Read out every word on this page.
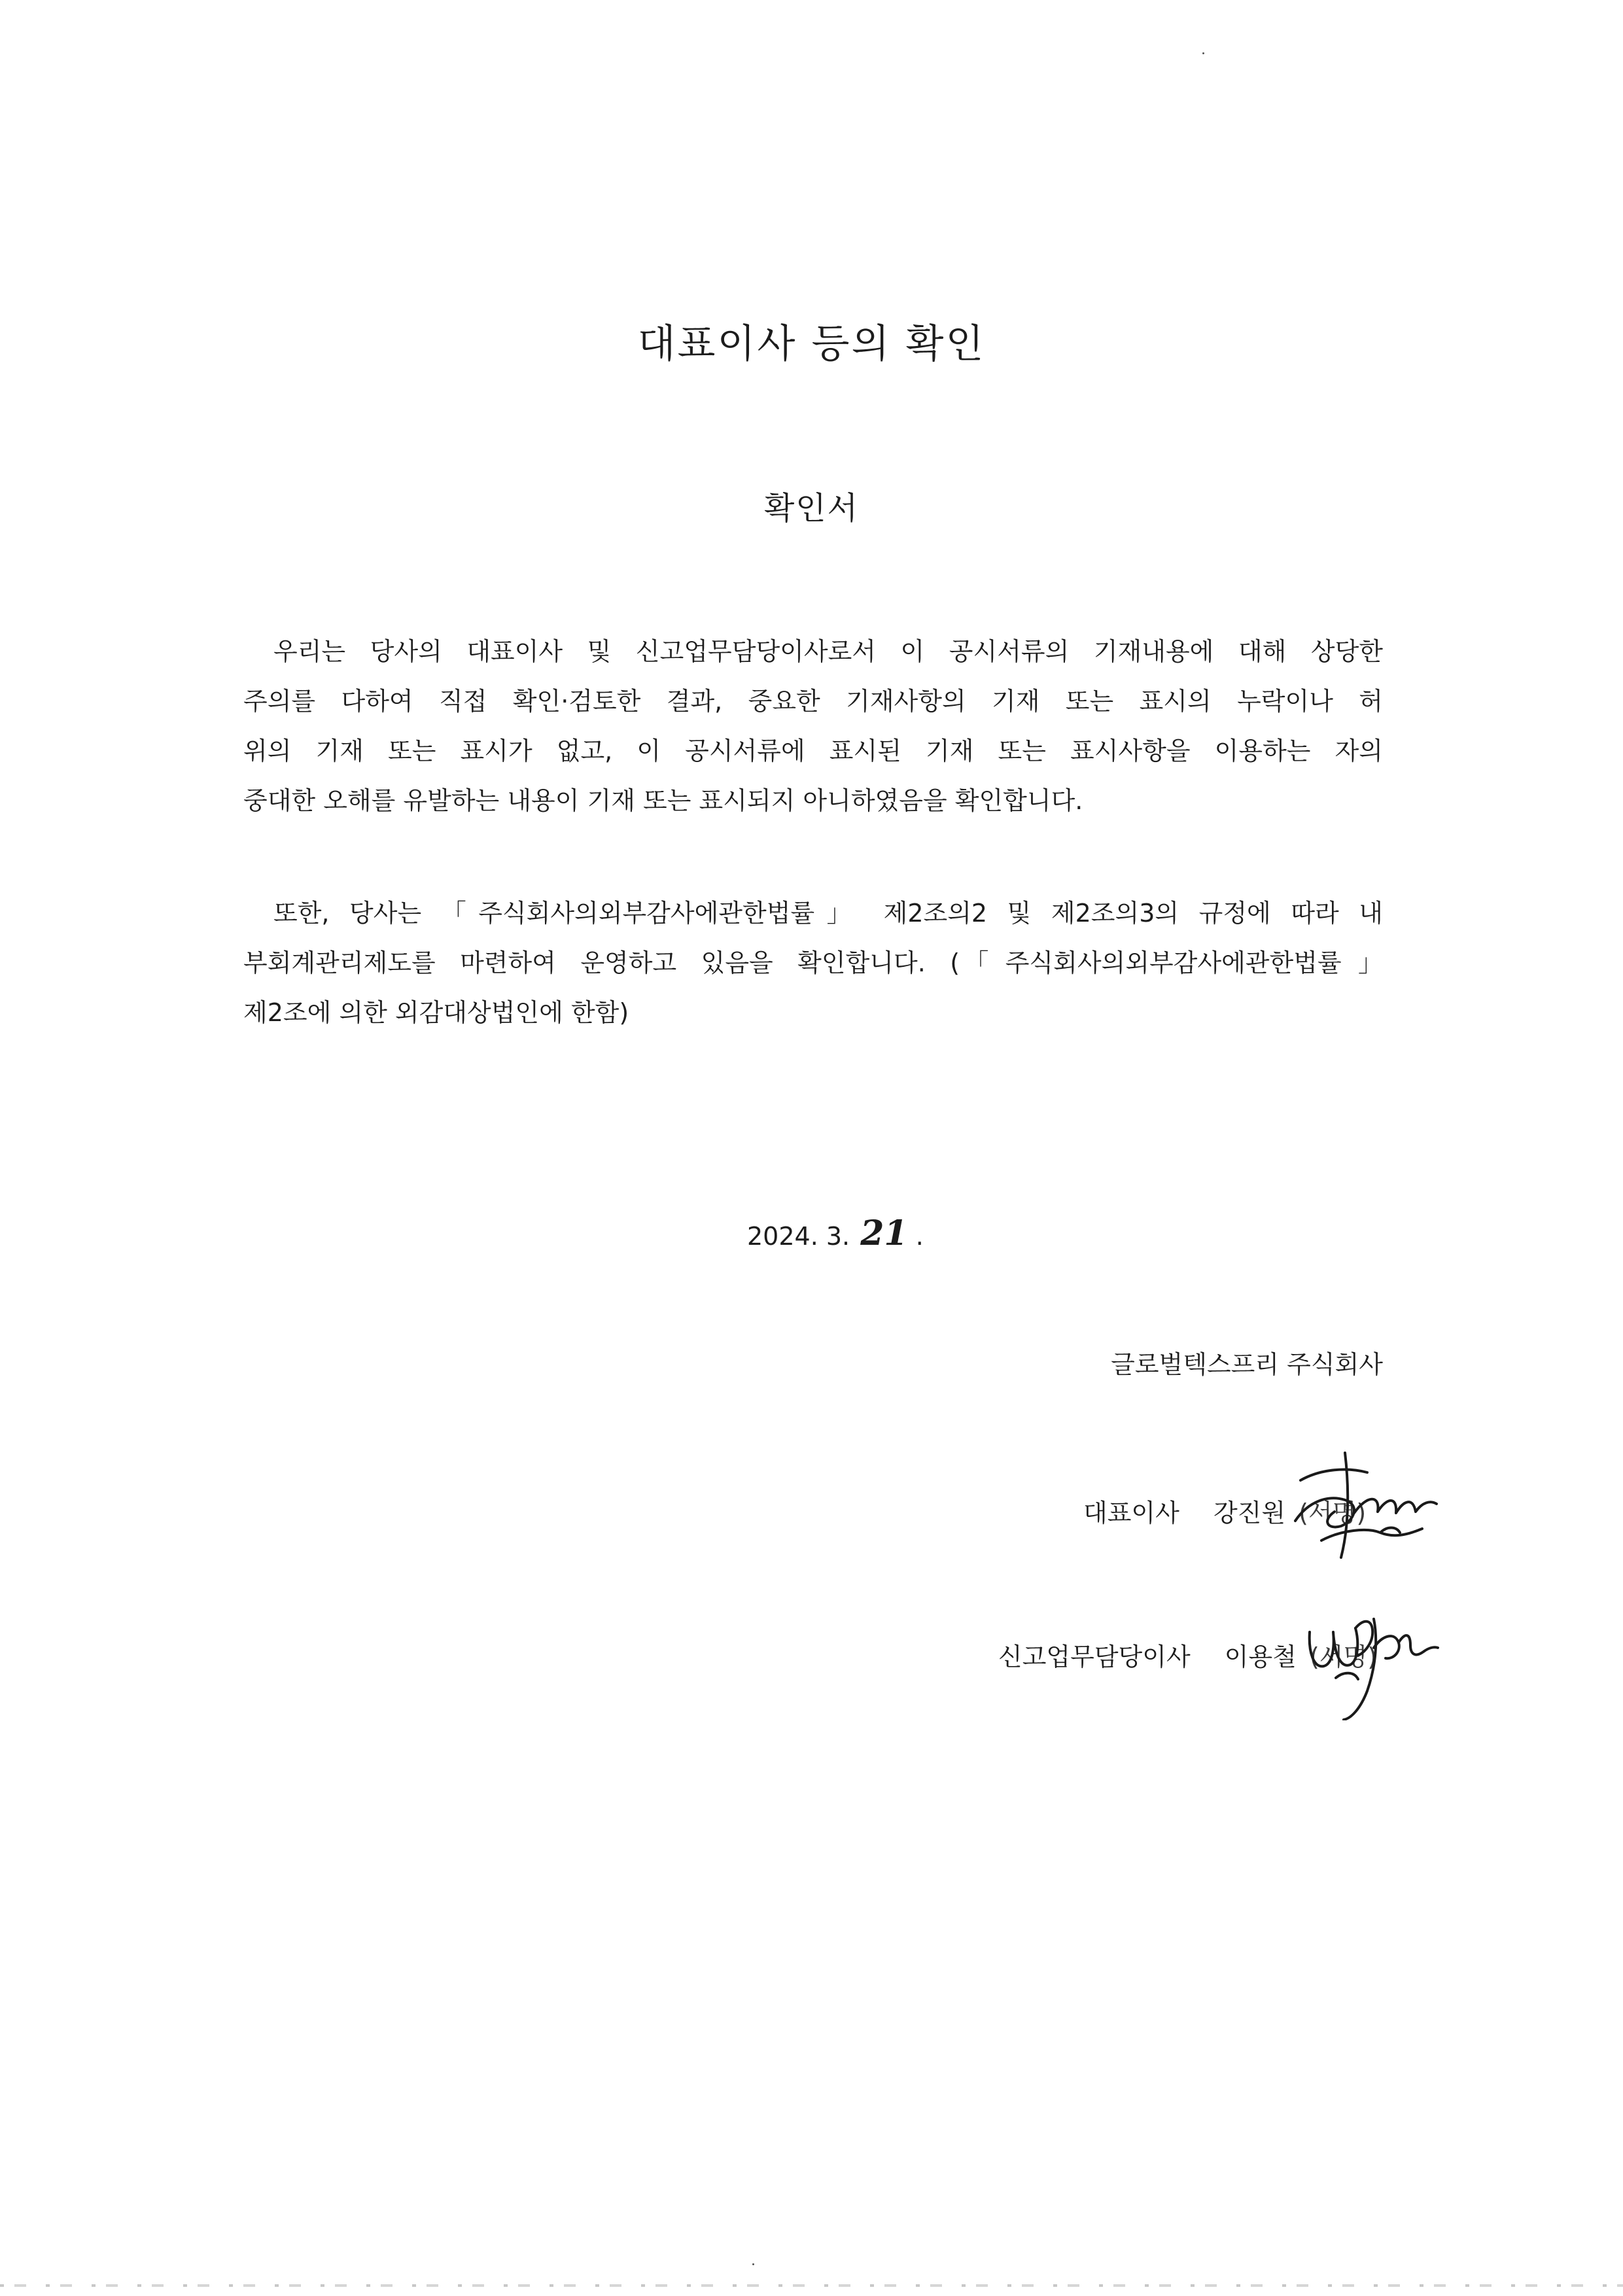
대표이사 등의 확인
확인서
우리는 당사의 대표이사 및 신고업무담당이사로서 이 공시서류의 기재내용에 대해 상당한
주의를 다하여 직접 확인·검토한 결과, 중요한 기재사항의 기재 또는 표시의 누락이나 허
위의 기재 또는 표시가 없고, 이 공시서류에 표시된 기재 또는 표시사항을 이용하는 자의
중대한 오해를 유발하는 내용이 기재 또는 표시되지 아니하였음을 확인합니다.
또한, 당사는 「주식회사의외부감사에관한법률」 제2조의2 및 제2조의3의 규정에 따라 내
부회계관리제도를 마련하여 운영하고 있음을 확인합니다. (「주식회사의외부감사에관한법률」
제2조에 의한 외감대상법인에 한함)
2024. 3. 21 .
글로벌텍스프리 주식회사
대표이사 강진원 (서명)
신고업무담당이사 이용철 (서명)
